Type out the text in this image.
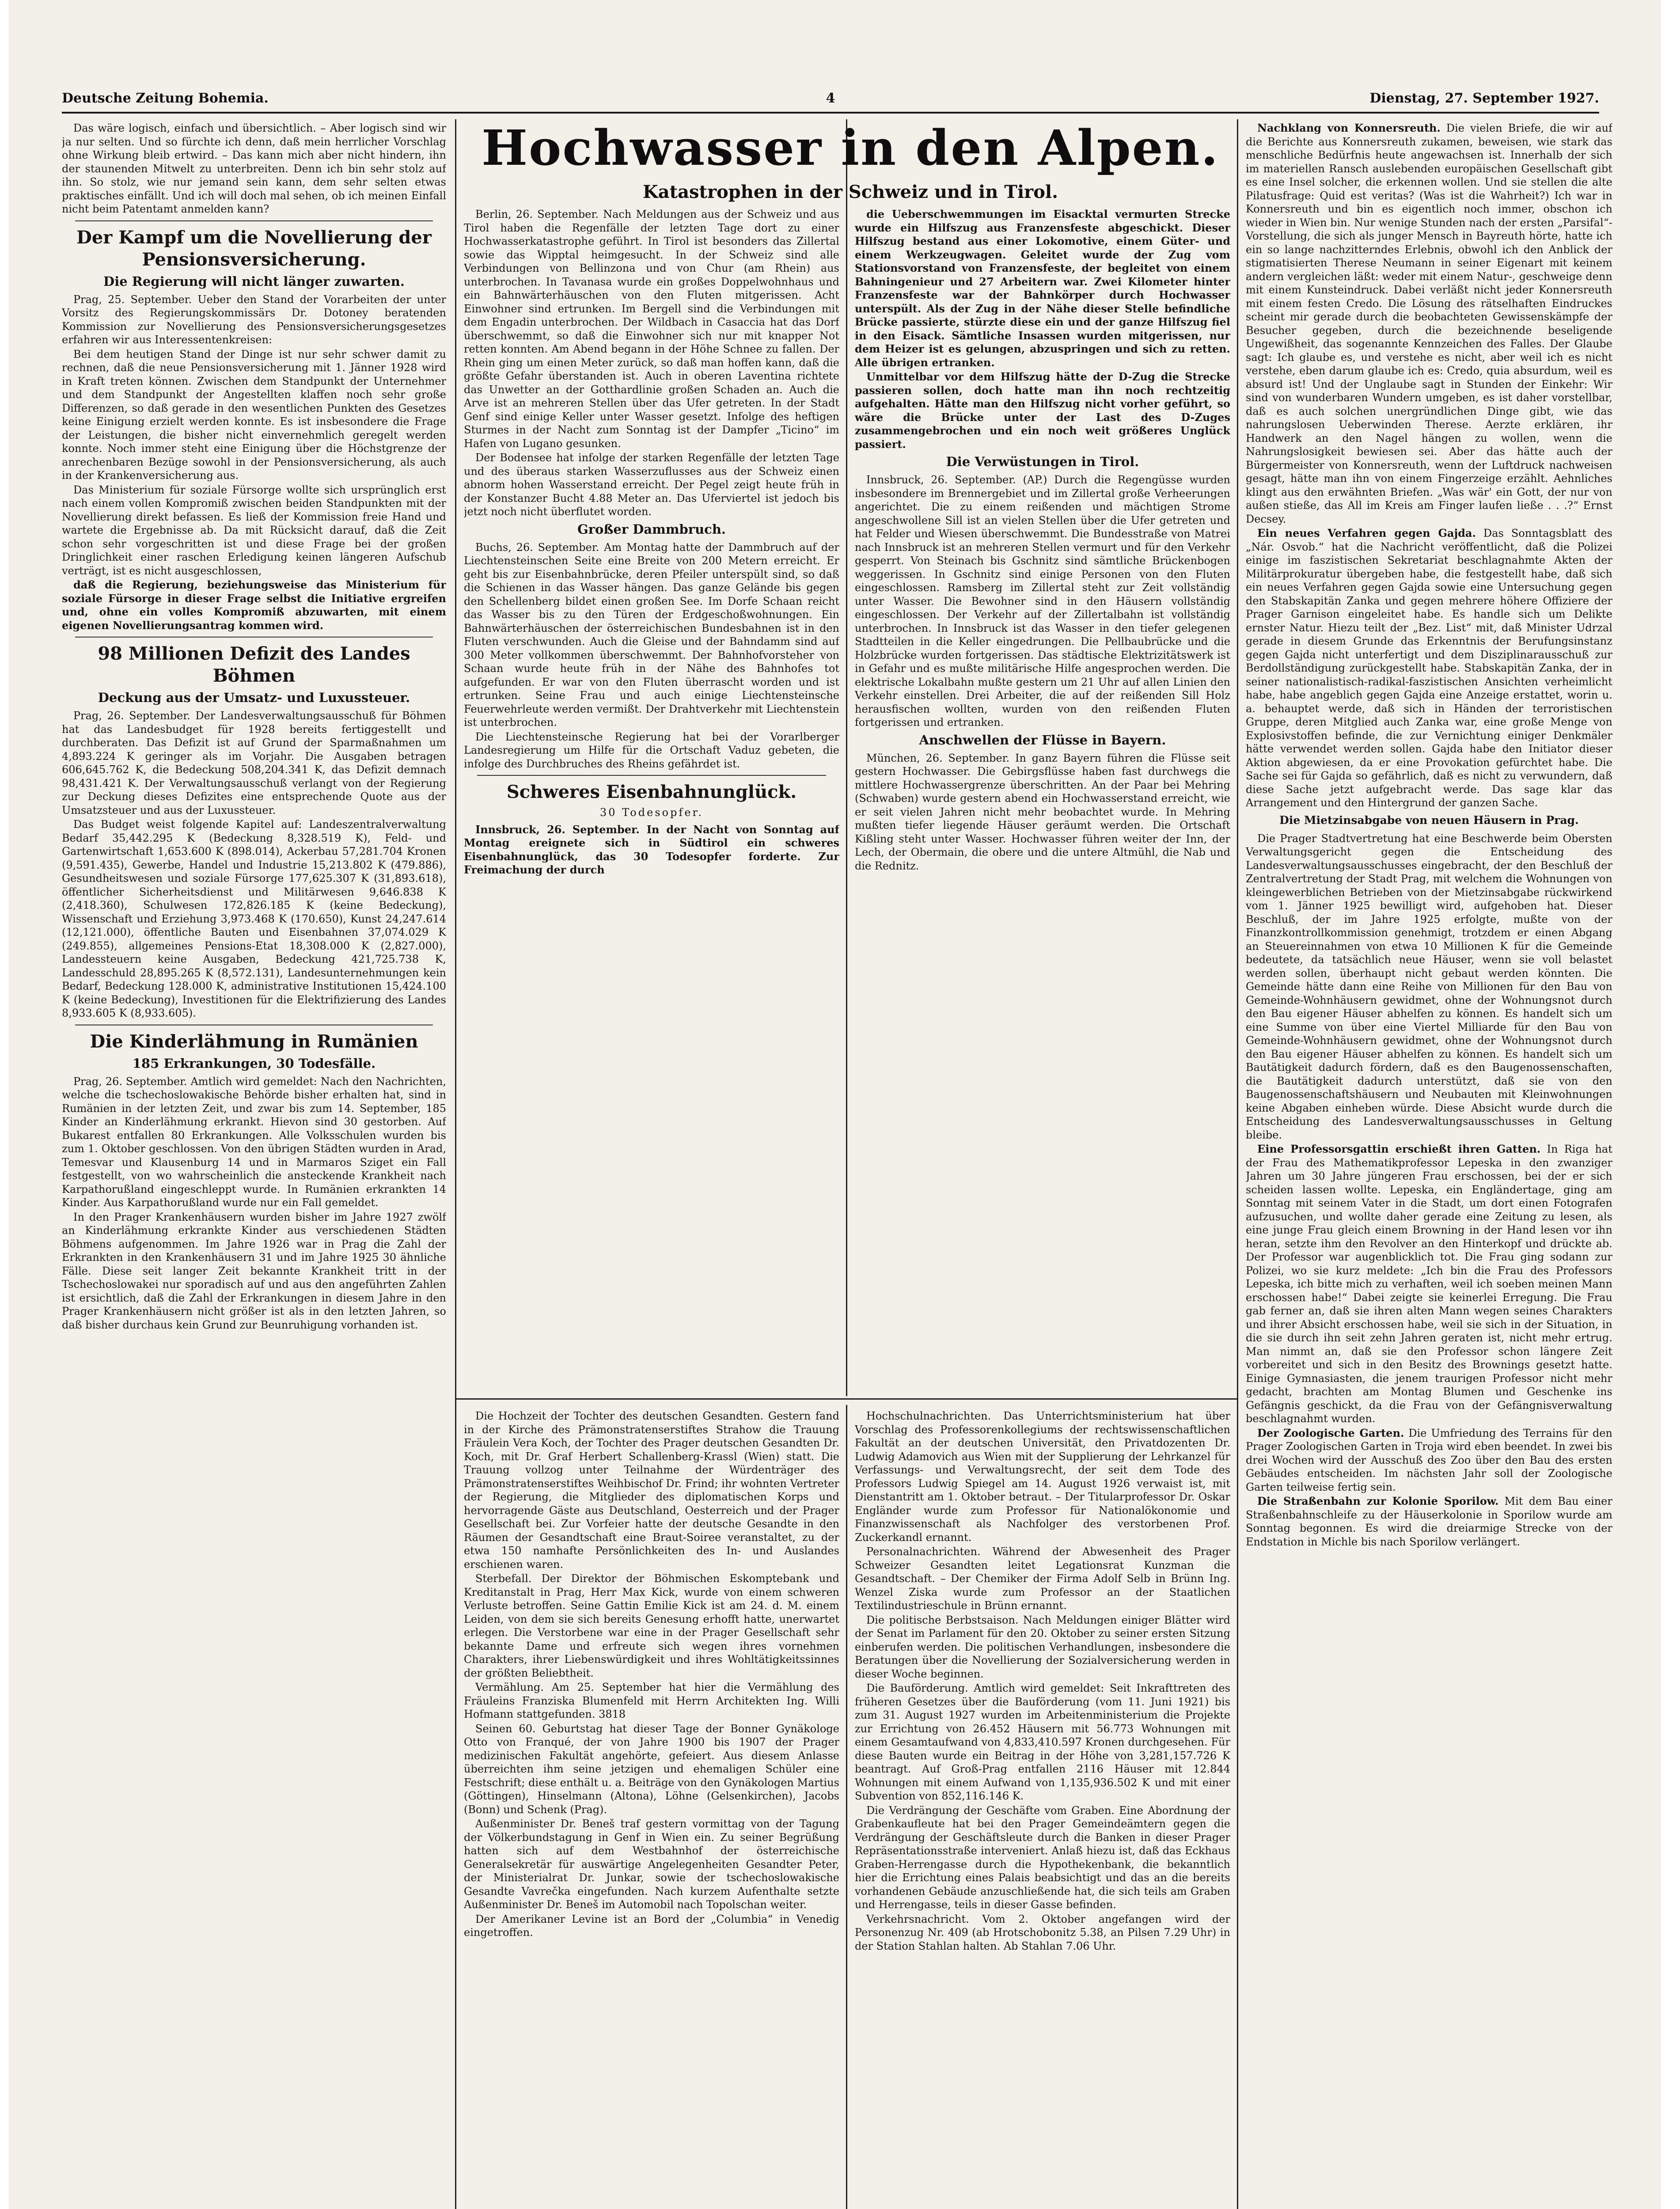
Deutsche Zeitung Bohemia.	4	Dienstag, 27. September 1927.

Das wäre logisch, einfach und übersichtlich. – Aber logisch sind wir ja nur selten. Und so fürchte ich denn, daß mein herrlicher Vorschlag ohne Wirkung bleib ertwird. – Das kann mich aber nicht hindern, ihn der staunenden Mitwelt zu unterbreiten. Denn ich bin sehr stolz auf ihn. So stolz, wie nur jemand sein kann, dem sehr selten etwas praktisches einfällt. Und ich will doch mal sehen, ob ich meinen Einfall nicht beim Patentamt anmelden kann?

Der Kampf um die Novellierung der Pensionsversicherung.
Die Regierung will nicht länger zuwarten.

Prag, 25. September. Ueber den Stand der Vorarbeiten der unter Vorsitz des Regierungskommissärs Dr. Dotoney beratenden Kommission zur Novellierung des Pensionsversicherungsgesetzes erfahren wir aus Interessentenkreisen:

Bei dem heutigen Stand der Dinge ist nur sehr schwer damit zu rechnen, daß die neue Pensionsversicherung mit 1. Jänner 1928 wird in Kraft treten können. Zwischen dem Standpunkt der Unternehmer und dem Standpunkt der Angestellten klaffen noch sehr große Differenzen, so daß gerade in den wesentlichen Punkten des Gesetzes keine Einigung erzielt werden konnte. Es ist insbesondere die Frage der Leistungen, die bisher nicht einvernehmlich geregelt werden konnte. Noch immer steht eine Einigung über die Höchstgrenze der anrechenbaren Bezüge sowohl in der Pensionsversicherung, als auch in der Krankenversicherung aus.

Das Ministerium für soziale Fürsorge wollte sich ursprünglich erst nach einem vollen Kompromiß zwischen beiden Standpunkten mit der Novellierung direkt befassen. Es ließ der Kommission freie Hand und wartete die Ergebnisse ab. Da mit Rücksicht darauf, daß die Zeit schon sehr vorgeschritten ist und diese Frage bei der großen Dringlichkeit einer raschen Erledigung keinen längeren Aufschub verträgt, ist es nicht ausgeschlossen,

daß die Regierung, beziehungsweise das Ministerium für soziale Fürsorge in dieser Frage selbst die Initiative ergreifen und, ohne ein volles Kompromiß abzuwarten, mit einem eigenen Novellierungsantrag kommen wird.

98 Millionen Defizit des Landes Böhmen
Deckung aus der Umsatz- und Luxussteuer.

Prag, 26. September. Der Landesverwaltungsausschuß für Böhmen hat das Landesbudget für 1928 bereits fertiggestellt und durchberaten. Das Defizit ist auf Grund der Sparmaßnahmen um 4,893.224 K geringer als im Vorjahr. Die Ausgaben betragen 606,645.762 K, die Bedeckung 508,204.341 K, das Defizit demnach 98,431.421 K. Der Verwaltungsausschuß verlangt von der Regierung zur Deckung dieses Defizites eine entsprechende Quote aus der Umsatzsteuer und aus der Luxussteuer.

Das Budget weist folgende Kapitel auf: Landeszentralverwaltung Bedarf 35,442.295 K (Bedeckung 8,328.519 K), Feld- und Gartenwirtschaft 1,653.600 K (898.014), Ackerbau 57,281.704 Kronen (9,591.435), Gewerbe, Handel und Industrie 15,213.802 K (479.886), Gesundheitswesen und soziale Fürsorge 177,625.307 K (31,893.618), öffentlicher Sicherheitsdienst und Militärwesen 9,646.838 K (2,418.360), Schulwesen 172,826.185 K (keine Bedeckung), Wissenschaft und Erziehung 3,973.468 K (170.650), Kunst 24,247.614 (12,121.000), öffentliche Bauten und Eisenbahnen 37,074.029 K (249.855), allgemeines Pensions-Etat 18,308.000 K (2,827.000), Landessteuern keine Ausgaben, Bedeckung 421,725.738 K, Landesschuld 28,895.265 K (8,572.131), Landesunternehmungen kein Bedarf, Bedeckung 128.000 K, administrative Institutionen 15,424.100 K (keine Bedeckung), Investitionen für die Elektrifizierung des Landes 8,933.605 K (8,933.605).

Die Kinderlähmung in Rumänien
185 Erkrankungen, 30 Todesfälle.

Prag, 26. September. Amtlich wird gemeldet: Nach den Nachrichten, welche die tschechoslowakische Behörde bisher erhalten hat, sind in Rumänien in der letzten Zeit, und zwar bis zum 14. September, 185 Kinder an Kinderlähmung erkrankt. Hievon sind 30 gestorben. Auf Bukarest entfallen 80 Erkrankungen. Alle Volksschulen wurden bis zum 1. Oktober geschlossen. Von den übrigen Städten wurden in Arad, Temesvar und Klausenburg 14 und in Marmaros Sziget ein Fall festgestellt, von wo wahrscheinlich die ansteckende Krankheit nach Karpathorußland eingeschleppt wurde. In Rumänien erkrankten 14 Kinder. Aus Karpathorußland wurde nur ein Fall gemeldet.

In den Prager Krankenhäusern wurden bisher im Jahre 1927 zwölf an Kinderlähmung erkrankte Kinder aus verschiedenen Städten Böhmens aufgenommen. Im Jahre 1926 war in Prag die Zahl der Erkrankten in den Krankenhäusern 31 und im Jahre 1925 30 ähnliche Fälle. Diese seit langer Zeit bekannte Krankheit tritt in der Tschechoslowakei nur sporadisch auf und aus den angeführten Zahlen ist ersichtlich, daß die Zahl der Erkrankungen in diesem Jahre in den Prager Krankenhäusern nicht größer ist als in den letzten Jahren, so daß bisher durchaus kein Grund zur Beunruhigung vorhanden ist.

Hochwasser in den Alpen.
Katastrophen in der Schweiz und in Tirol.

Berlin, 26. September. Nach Meldungen aus der Schweiz und aus Tirol haben die Regenfälle der letzten Tage dort zu einer Hochwasserkatastrophe geführt. In Tirol ist besonders das Zillertal sowie das Wipptal heimgesucht. In der Schweiz sind alle Verbindungen von Bellinzona und von Chur (am Rhein) aus unterbrochen. In Tavanasa wurde ein großes Doppelwohnhaus und ein Bahnwärterhäuschen von den Fluten mitgerissen. Acht Einwohner sind ertrunken. Im Bergell sind die Verbindungen mit dem Engadin unterbrochen. Der Wildbach in Casaccia hat das Dorf überschwemmt, so daß die Einwohner sich nur mit knapper Not retten konnten. Am Abend begann in der Höhe Schnee zu fallen. Der Rhein ging um einen Meter zurück, so daß man hoffen kann, daß die größte Gefahr überstanden ist. Auch in oberen Laventina richtete das Unwetter an der Gotthardlinie großen Schaden an. Auch die Arve ist an mehreren Stellen über das Ufer getreten. In der Stadt Genf sind einige Keller unter Wasser gesetzt. Infolge des heftigen Sturmes in der Nacht zum Sonntag ist der Dampfer „Ticino“ im Hafen von Lugano gesunken.

Der Bodensee hat infolge der starken Regenfälle der letzten Tage und des überaus starken Wasserzuflusses aus der Schweiz einen abnorm hohen Wasserstand erreicht. Der Pegel zeigt heute früh in der Konstanzer Bucht 4.88 Meter an. Das Uferviertel ist jedoch bis jetzt noch nicht überflutet worden.

Großer Dammbruch.

Buchs, 26. September. Am Montag hatte der Dammbruch auf der Liechtensteinschen Seite eine Breite von 200 Metern erreicht. Er geht bis zur Eisenbahnbrücke, deren Pfeiler unterspült sind, so daß die Schienen in das Wasser hängen. Das ganze Gelände bis gegen den Schellenberg bildet einen großen See. Im Dorfe Schaan reicht das Wasser bis zu den Türen der Erdgeschoßwohnungen. Ein Bahnwärterhäuschen der österreichischen Bundesbahnen ist in den Fluten verschwunden. Auch die Gleise und der Bahndamm sind auf 300 Meter vollkommen überschwemmt. Der Bahnhofvorsteher von Schaan wurde heute früh in der Nähe des Bahnhofes tot aufgefunden. Er war von den Fluten überrascht worden und ist ertrunken. Seine Frau und auch einige Liechtensteinsche Feuerwehrleute werden vermißt. Der Drahtverkehr mit Liechtenstein ist unterbrochen.

Die Liechtensteinsche Regierung hat bei der Vorarlberger Landesregierung um Hilfe für die Ortschaft Vaduz gebeten, die infolge des Durchbruches des Rheins gefährdet ist.

Schweres Eisenbahnunglück.
30 Todesopfer.

Innsbruck, 26. September. In der Nacht von Sonntag auf Montag ereignete sich in Südtirol ein schweres Eisenbahnunglück, das 30 Todesopfer forderte. Zur Freimachung der durch

die Ueberschwemmungen im Eisacktal vermurten Strecke wurde ein Hilfszug aus Franzensfeste abgeschickt. Dieser Hilfszug bestand aus einer Lokomotive, einem Güter- und einem Werkzeugwagen. Geleitet wurde der Zug vom Stationsvorstand von Franzensfeste, der begleitet von einem Bahningenieur und 27 Arbeitern war. Zwei Kilometer hinter Franzensfeste war der Bahnkörper durch Hochwasser unterspült. Als der Zug in der Nähe dieser Stelle befindliche Brücke passierte, stürzte diese ein und der ganze Hilfszug fiel in den Eisack. Sämtliche Insassen wurden mitgerissen, nur dem Heizer ist es gelungen, abzuspringen und sich zu retten. Alle übrigen ertranken.

Unmittelbar vor dem Hilfszug hätte der D-Zug die Strecke passieren sollen, doch hatte man ihn noch rechtzeitig aufgehalten. Hätte man den Hilfszug nicht vorher geführt, so wäre die Brücke unter der Last des D-Zuges zusammengebrochen und ein noch weit größeres Unglück passiert.

Die Verwüstungen in Tirol.

Innsbruck, 26. September. (AP.) Durch die Regengüsse wurden insbesondere im Brennergebiet und im Zillertal große Verheerungen angerichtet. Die zu einem reißenden und mächtigen Strome angeschwollene Sill ist an vielen Stellen über die Ufer getreten und hat Felder und Wiesen überschwemmt. Die Bundesstraße von Matrei nach Innsbruck ist an mehreren Stellen vermurt und für den Verkehr gesperrt. Von Steinach bis Gschnitz sind sämtliche Brückenbogen weggerissen. In Gschnitz sind einige Personen von den Fluten eingeschlossen. Ramsberg im Zillertal steht zur Zeit vollständig unter Wasser. Die Bewohner sind in den Häusern vollständig eingeschlossen. Der Verkehr auf der Zillertalbahn ist vollständig unterbrochen. In Innsbruck ist das Wasser in den tiefer gelegenen Stadtteilen in die Keller eingedrungen. Die Pellbaubrücke und die Holzbrücke wurden fortgerissen. Das städtische Elektrizitätswerk ist in Gefahr und es mußte militärische Hilfe angesprochen werden. Die elektrische Lokalbahn mußte gestern um 21 Uhr auf allen Linien den Verkehr einstellen. Drei Arbeiter, die auf der reißenden Sill Holz herausfischen wollten, wurden von den reißenden Fluten fortgerissen und ertranken.

Anschwellen der Flüsse in Bayern.

München, 26. September. In ganz Bayern führen die Flüsse seit gestern Hochwasser. Die Gebirgsflüsse haben fast durchwegs die mittlere Hochwassergrenze überschritten. An der Paar bei Mehring (Schwaben) wurde gestern abend ein Hochwasserstand erreicht, wie er seit vielen Jahren nicht mehr beobachtet wurde. In Mehring mußten tiefer liegende Häuser geräumt werden. Die Ortschaft Kißling steht unter Wasser. Hochwasser führen weiter der Inn, der Lech, der Obermain, die obere und die untere Altmühl, die Nab und die Rednitz.

Die Hochzeit der Tochter des deutschen Gesandten. Gestern fand in der Kirche des Prämonstratenserstiftes Strahow die Trauung Fräulein Vera Koch, der Tochter des Prager deutschen Gesandten Dr. Koch, mit Dr. Graf Herbert Schallenberg-Krassl (Wien) statt. Die Trauung vollzog unter Teilnahme der Würdenträger des Prämonstratenserstiftes Weihbischof Dr. Frind; ihr wohnten Vertreter der Regierung, die Mitglieder des diplomatischen Korps und hervorragende Gäste aus Deutschland, Oesterreich und der Prager Gesellschaft bei. Zur Vorfeier hatte der deutsche Gesandte in den Räumen der Gesandtschaft eine Braut-Soiree veranstaltet, zu der etwa 150 namhafte Persönlichkeiten des In- und Auslandes erschienen waren.

Sterbefall. Der Direktor der Böhmischen Eskomptebank und Kreditanstalt in Prag, Herr Max Kick, wurde von einem schweren Verluste betroffen. Seine Gattin Emilie Kick ist am 24. d. M. einem Leiden, von dem sie sich bereits Genesung erhofft hatte, unerwartet erlegen. Die Verstorbene war eine in der Prager Gesellschaft sehr bekannte Dame und erfreute sich wegen ihres vornehmen Charakters, ihrer Liebenswürdigkeit und ihres Wohltätigkeitssinnes der größten Beliebtheit.

Vermählung. Am 25. September hat hier die Vermählung des Fräuleins Franziska Blumenfeld mit Herrn Architekten Ing. Willi Hofmann stattgefunden. 3818

Seinen 60. Geburtstag hat dieser Tage der Bonner Gynäkologe Otto von Franqué, der von Jahre 1900 bis 1907 der Prager medizinischen Fakultät angehörte, gefeiert. Aus diesem Anlasse überreichten ihm seine jetzigen und ehemaligen Schüler eine Festschrift; diese enthält u. a. Beiträge von den Gynäkologen Martius (Göttingen), Hinselmann (Altona), Löhne (Gelsenkirchen), Jacobs (Bonn) und Schenk (Prag).

Außenminister Dr. Beneš traf gestern vormittag von der Tagung der Völkerbundstagung in Genf in Wien ein. Zu seiner Begrüßung hatten sich auf dem Westbahnhof der österreichische Generalsekretär für auswärtige Angelegenheiten Gesandter Peter, der Ministerialrat Dr. Junkar, sowie der tschechoslowakische Gesandte Vavrečka eingefunden. Nach kurzem Aufenthalte setzte Außenminister Dr. Beneš im Automobil nach Topolschan weiter.

Der Amerikaner Levine ist an Bord der „Columbia“ in Venedig eingetroffen.

Hochschulnachrichten. Das Unterrichtsministerium hat über Vorschlag des Professorenkollegiums der rechtswissenschaftlichen Fakultät an der deutschen Universität, den Privatdozenten Dr. Ludwig Adamovich aus Wien mit der Supplierung der Lehrkanzel für Verfassungs- und Verwaltungsrecht, der seit dem Tode des Professors Ludwig Spiegel am 14. August 1926 verwaist ist, mit Dienstantritt am 1. Oktober betraut. – Der Titularprofessor Dr. Oskar Engländer wurde zum Professor für Nationalökonomie und Finanzwissenschaft als Nachfolger des verstorbenen Prof. Zuckerkandl ernannt.

Personalnachrichten. Während der Abwesenheit des Prager Schweizer Gesandten leitet Legationsrat Kunzman die Gesandtschaft. – Der Chemiker der Firma Adolf Selb in Brünn Ing. Wenzel Ziska wurde zum Professor an der Staatlichen Textilindustrieschule in Brünn ernannt.

Die politische Berbstsaison. Nach Meldungen einiger Blätter wird der Senat im Parlament für den 20. Oktober zu seiner ersten Sitzung einberufen werden. Die politischen Verhandlungen, insbesondere die Beratungen über die Novellierung der Sozialversicherung werden in dieser Woche beginnen.

Die Bauförderung. Amtlich wird gemeldet: Seit Inkrafttreten des früheren Gesetzes über die Bauförderung (vom 11. Juni 1921) bis zum 31. August 1927 wurden im Arbeitenministerium die Projekte zur Errichtung von 26.452 Häusern mit 56.773 Wohnungen mit einem Gesamtaufwand von 4,833,410.597 Kronen durchgesehen. Für diese Bauten wurde ein Beitrag in der Höhe von 3,281,157.726 K beantragt. Auf Groß-Prag entfallen 2116 Häuser mit 12.844 Wohnungen mit einem Aufwand von 1,135,936.502 K und mit einer Subvention von 852,116.146 K.

Die Verdrängung der Geschäfte vom Graben. Eine Abordnung der Grabenkaufleute hat bei den Prager Gemeindeämtern gegen die Verdrängung der Geschäftsleute durch die Banken in dieser Prager Repräsentationsstraße interveniert. Anlaß hiezu ist, daß das Eckhaus Graben-Herrengasse durch die Hypothekenbank, die bekanntlich hier die Errichtung eines Palais beabsichtigt und das an die bereits vorhandenen Gebäude anzuschließende hat, die sich teils am Graben und Herrengasse, teils in dieser Gasse befinden.

Verkehrsnachricht. Vom 2. Oktober angefangen wird der Personenzug Nr. 409 (ab Hrotschobonitz 5.38, an Pilsen 7.29 Uhr) in der Station Stahlan halten. Ab Stahlan 7.06 Uhr.

Nachklang von Konnersreuth. Die vielen Briefe, die wir auf die Berichte aus Konnersreuth zukamen, beweisen, wie stark das menschliche Bedürfnis heute angewachsen ist. Innerhalb der sich im materiellen Ransch auslebenden europäischen Gesellschaft gibt es eine Insel solcher, die erkennen wollen. Und sie stellen die alte Pilatusfrage: Quid est veritas? (Was ist die Wahrheit?) Ich war in Konnersreuth und bin es eigentlich noch immer, obschon ich wieder in Wien bin. Nur wenige Stunden nach der ersten „Parsifal“-Vorstellung, die sich als junger Mensch in Bayreuth hörte, hatte ich ein so lange nachzitterndes Erlebnis, obwohl ich den Anblick der stigmatisierten Therese Neumann in seiner Eigenart mit keinem andern vergleichen läßt: weder mit einem Natur-, geschweige denn mit einem Kunsteindruck. Dabei verläßt nicht jeder Konnersreuth mit einem festen Credo. Die Lösung des rätselhaften Eindruckes scheint mir gerade durch die beobachteten Gewissenskämpfe der Besucher gegeben, durch die bezeichnende beseligende Ungewißheit, das sogenannte Kennzeichen des Falles. Der Glaube sagt: Ich glaube es, und verstehe es nicht, aber weil ich es nicht verstehe, eben darum glaube ich es: Credo, quia absurdum, weil es absurd ist! Und der Unglaube sagt in Stunden der Einkehr: Wir sind von wunderbaren Wundern umgeben, es ist daher vorstellbar, daß es auch solchen unergründlichen Dinge gibt, wie das nahrungslosen Ueberwinden Therese. Aerzte erklären, ihr Handwerk an den Nagel hängen zu wollen, wenn die Nahrungslosigkeit bewiesen sei. Aber das hätte auch der Bürgermeister von Konnersreuth, wenn der Luftdruck nachweisen gesagt, hätte man ihn von einem Fingerzeige erzählt. Aehnliches klingt aus den erwähnten Briefen. „Was wär' ein Gott, der nur von außen stieße, das All im Kreis am Finger laufen ließe . . .?“ Ernst Decsey.

Ein neues Verfahren gegen Gajda. Das Sonntagsblatt des „Nár. Osvob.“ hat die Nachricht veröffentlicht, daß die Polizei einige im faszistischen Sekretariat beschlagnahmte Akten der Militärprokuratur übergeben habe, die festgestellt habe, daß sich ein neues Verfahren gegen Gajda sowie eine Untersuchung gegen den Stabskapitän Zanka und gegen mehrere höhere Offiziere der Prager Garnison eingeleitet habe. Es handle sich um Delikte ernster Natur. Hiezu teilt der „Bez. List“ mit, daß Minister Udrzal gerade in diesem Grunde das Erkenntnis der Berufungsinstanz gegen Gajda nicht unterfertigt und dem Disziplinarausschuß zur Berdollständigung zurückgestellt habe. Stabskapitän Zanka, der in seiner nationalistisch-radikal-faszistischen Ansichten verheimlicht habe, habe angeblich gegen Gajda eine Anzeige erstattet, worin u. a. behauptet werde, daß sich in Händen der terroristischen Gruppe, deren Mitglied auch Zanka war, eine große Menge von Explosivstoffen befinde, die zur Vernichtung einiger Denkmäler hätte verwendet werden sollen. Gajda habe den Initiator dieser Aktion abgewiesen, da er eine Provokation gefürchtet habe. Die Sache sei für Gajda so gefährlich, daß es nicht zu verwundern, daß diese Sache jetzt aufgebracht werde. Das sage klar das Arrangement und den Hintergrund der ganzen Sache.

Die Mietzinsabgabe von neuen Häusern in Prag.

Die Prager Stadtvertretung hat eine Beschwerde beim Obersten Verwaltungsgericht gegen die Entscheidung des Landesverwaltungsausschusses eingebracht, der den Beschluß der Zentralvertretung der Stadt Prag, mit welchem die Wohnungen von kleingewerblichen Betrieben von der Mietzinsabgabe rückwirkend vom 1. Jänner 1925 bewilligt wird, aufgehoben hat. Dieser Beschluß, der im Jahre 1925 erfolgte, mußte von der Finanzkontrollkommission genehmigt, trotzdem er einen Abgang an Steuereinnahmen von etwa 10 Millionen K für die Gemeinde bedeutete, da tatsächlich neue Häuser, wenn sie voll belastet werden sollen, überhaupt nicht gebaut werden könnten. Die Gemeinde hätte dann eine Reihe von Millionen für den Bau von Gemeinde-Wohnhäusern gewidmet, ohne der Wohnungsnot durch den Bau eigener Häuser abhelfen zu können. Es handelt sich um eine Summe von über eine Viertel Milliarde für den Bau von Gemeinde-Wohnhäusern gewidmet, ohne der Wohnungsnot durch den Bau eigener Häuser abhelfen zu können. Es handelt sich um Bautätigkeit dadurch fördern, daß es den Baugenossenschaften, die Bautätigkeit dadurch unterstützt, daß sie von den Baugenossenschaftshäusern und Neubauten mit Kleinwohnungen keine Abgaben einheben würde. Diese Absicht wurde durch die Entscheidung des Landesverwaltungsausschusses in Geltung bleibe.

Eine Professorsgattin erschießt ihren Gatten. In Riga hat der Frau des Mathematikprofessor Lepeska in den zwanziger Jahren um 30 Jahre jüngeren Frau erschossen, bei der er sich scheiden lassen wollte. Lepeska, ein Engländertage, ging am Sonntag mit seinem Vater in die Stadt, um dort einen Fotografen aufzusuchen, und wollte daher gerade eine Zeitung zu lesen, als eine junge Frau gleich einem Browning in der Hand lesen vor ihn heran, setzte ihm den Revolver an den Hinterkopf und drückte ab. Der Professor war augenblicklich tot. Die Frau ging sodann zur Polizei, wo sie kurz meldete: „Ich bin die Frau des Professors Lepeska, ich bitte mich zu verhaften, weil ich soeben meinen Mann erschossen habe!“ Dabei zeigte sie keinerlei Erregung. Die Frau gab ferner an, daß sie ihren alten Mann wegen seines Charakters und ihrer Absicht erschossen habe, weil sie sich in der Situation, in die sie durch ihn seit zehn Jahren geraten ist, nicht mehr ertrug. Man nimmt an, daß sie den Professor schon längere Zeit vorbereitet und sich in den Besitz des Brownings gesetzt hatte. Einige Gymnasiasten, die jenem traurigen Professor nicht mehr gedacht, brachten am Montag Blumen und Geschenke ins Gefängnis geschickt, da die Frau von der Gefängnisverwaltung beschlagnahmt wurden.

Der Zoologische Garten. Die Umfriedung des Terrains für den Prager Zoologischen Garten in Troja wird eben beendet. In zwei bis drei Wochen wird der Ausschuß des Zoo über den Bau des ersten Gebäudes entscheiden. Im nächsten Jahr soll der Zoologische Garten teilweise fertig sein.

Die Straßenbahn zur Kolonie Sporilow. Mit dem Bau einer Straßenbahnschleife zu der Häuserkolonie in Sporilow wurde am Sonntag begonnen. Es wird die dreiarmige Strecke von der Endstation in Michle bis nach Sporilow verlängert.
